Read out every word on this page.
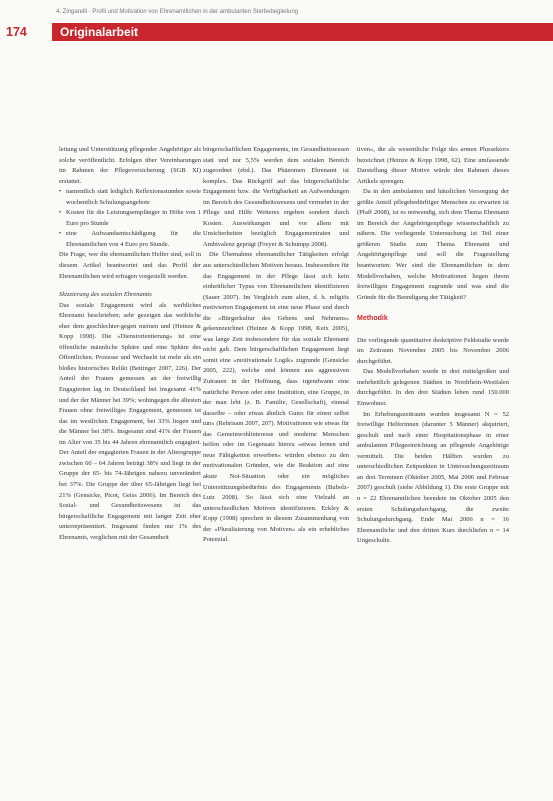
4. Zingarelli · Profil und Motivation von Ehrenamtlichen in der ambulanten Sterbebegleitung
174	Originalarbeit

leitung und Unterstützung pflegender Angehöriger als solche veröffentlicht. Erfolgen über Vereinbarungen im Rahmen der Pflegeversicherung (SGB XI) erstattet.

• namentlich statt lediglich Reflexionsstunden sowie wochentlich Schulungsangebote
• Kosten für die Leistungsempfänger in Höhe von 1 Euro pro Stunde
• eine Aufwandsentschädigung für die Ehrenamtlichen von 4 Euro pro Stunde.

Die Frage, wer die ehrenamtlichen Helfer sind, soll in diesem Artikel beantwortet und das Profil der Ehrenamtlichen wird erfragen vorgestellt werden.

Skizzierung des sozialen Ehrenamts

Das soziale Engagement wird als weibliches Ehrenamt beschrieben; sehr gezeigen das weibliche eher dem geschlechter-gegen meinen und (Heinze & Kopp 1998). Die »Dienstorientierung« ist eine öffentliche männliche Sphäre und eine Sphäre des Öffentlichen. Prozesse und Wechseln ist mehr als ein bloßes historisches Relikt (Bettinger 2007, 226). Der Anteil der Frauen gemessen an der freiwillig Engagierten lag in Deutschland bei insgesamt 41% und der der Männer bei 39%; wohingegen die ältesten Frauen ohne freiwilliges Engagement, gemessen ist das im westlichen Engagement, bei 33% liegen und die Männer bei 38%. Insgesamt sind 41% der Frauen im Alter von 35 bis 44 Jahren ehrenamtlich engagiert. Der Anteil der engagierten Frauen in der Altersgruppe zwischen 60 – 64 Jahren beträgt 38% und liegt in der Gruppe der 65- bis 74-Jährigen nahezu unverändert bei 37%. Die Gruppe der über 65-Jährigen liegt bei 21% (Gensicke, Picot, Geiss 2006). Im Bereich des Sozial- und Gesundheitswesens ist das bürgerschaftliche Engagement mit langer Zeit eher unterrepräsentiert. Insgesamt finden nur 1% des Ehrenamts, verglichen mit der Gesamtheit

bürgerschaftlichen Engagements, im Gesundheitswesen statt und nur 5,5% werden dem sozialen Bereich zugeordnet (ebd.). Das Phänomen Ehrenamt ist komplex. Das Rückgriff auf das bürgerschaftliche Engagement bzw. die Verfügbarkeit an Aufwendungen im Bereich des Gesundheitswesens und vermehrt in der Pflege und Hilfe Weiteres ergeben sondern durch Kosten. Auswirkungen und vor allem mit Unsicherheiten bezüglich Engagementraten und Ambivalenz geprägt (Freyer & Schumpp 2008).

Die Übernahme ehrenamtlicher Tätigkeiten erfolgt aus unterschiedlichen Motiven heraus. Insbesondere für das Engagement in der Pflege lässt sich kein einheitlicher Typus von Ehrenamtlichen identifizieren (Sauer 2007). Im Vergleich zum alten, d. h. religiös motivierten Engagement ist eine neue Phase und durch die »Bürgerkultur des Gebens und Nehmens« gekennzeichnet (Heinze & Kopp 1998, Keix 2005), was lange Zeit insbesondere für das soziale Ehrenamt nicht galt. Dem bürgerschaftlichen Engagement liegt somit eine »motivationale Logik« zugrunde (Gensicke 2005, 222), welche sind können aus aggressiven Zutrauen in der Hoffnung, dass irgendwann eine natürliche Person oder eine Institution, eine Gruppe, in der man lebt (z. B. Familie, Gesellschaft), einmal dasselbe – oder etwas ähnlich Gutes für einen selbst tun« (Rehrisam 2007, 207). Motivationen wie etwas für das Gemeinwohlinteresse und moderne Menschen helfen oder im Gegensatz hierzu »etwas lernen und neue Fähigkeiten erwerben« würden ebenso zu den motivationalen Gründen, wie die Reaktion auf eine akute Not-Situation oder ein mögliches Unterstützungsbedürfnis des Engagements (Bubolz-Lutz 2008). So lässt sich eine Vielzahl an unterschiedlichen Motiven identifizieren. Eckley & Kopp (1998) sprechen in diesem Zusammenhang von der »Pluralisierung von Motiven« als ein erhebliches Potenzial.

tiven«, die als wesentliche Folge des armen Plussektors bezeichnet (Heinze & Kopp 1998, 62). Eine umfassende Darstellung dieser Motive würde den Rahmen dieses Artikels sprengen.

Da in den ambulanten und häuslichen Versorgung der größte Anteil pflegebedürftiger Menschen zu erwarten ist (Pfaff 2008), ist es notwendig, sich dem Thema Ehrenamt im Bereich der Angehörigenpflege wissenschaftlich zu nähern. Die vorliegende Untersuchung ist Teil einer größeren Studie zum Thema Ehrenamt und Angehörigenpflege und soll die Fragestellung beantworten: Wer sind die Ehrenamtlichen in dem Modellvorhaben, welche Motivationen liegen ihrem freiwilligen Engagement zugrunde und was sind die Gründe für die Beendigung der Tätigkeit?

Methodik

Die vorliegende quantitative deskriptive Feldstudie wurde im Zeitraum November 2005 bis November 2006 durchgeführt.

Das Modellvorhaben wurde in drei mittelgroßen und mehrheitlich gelegenen Städten in Nordrhein-Westfalen durchgeführt. In den drei Städten leben rund 150.000 Einwohner.

Im Erhebungszeitraum wurden insgesamt N = 52 freiwillige Helferinnen (darunter 5 Männer) akquiriert, geschult und nach einer Hospitationsphase in einer ambulanten Pflegeeinrichtung an pflegende Angehörige vermittelt. Die beiden Hälften wurden zu unterschiedlichen Zeitpunkten in Untersuchungszeitraum an drei Terminen (Oktober 2005, Mai 2006 und Februar 2007) geschult (siehe Abbildung 1). Die erste Gruppe mit n = 22 Ehrenamtlichen beendete im Oktober 2005 den ersten Schulungsdurchgang, die zweite Schulungsdurchgang. Ende Mai 2006 n = 16 Ehrenamtliche und den dritten Kurs durchliefen n = 14 Ungeschulte.
